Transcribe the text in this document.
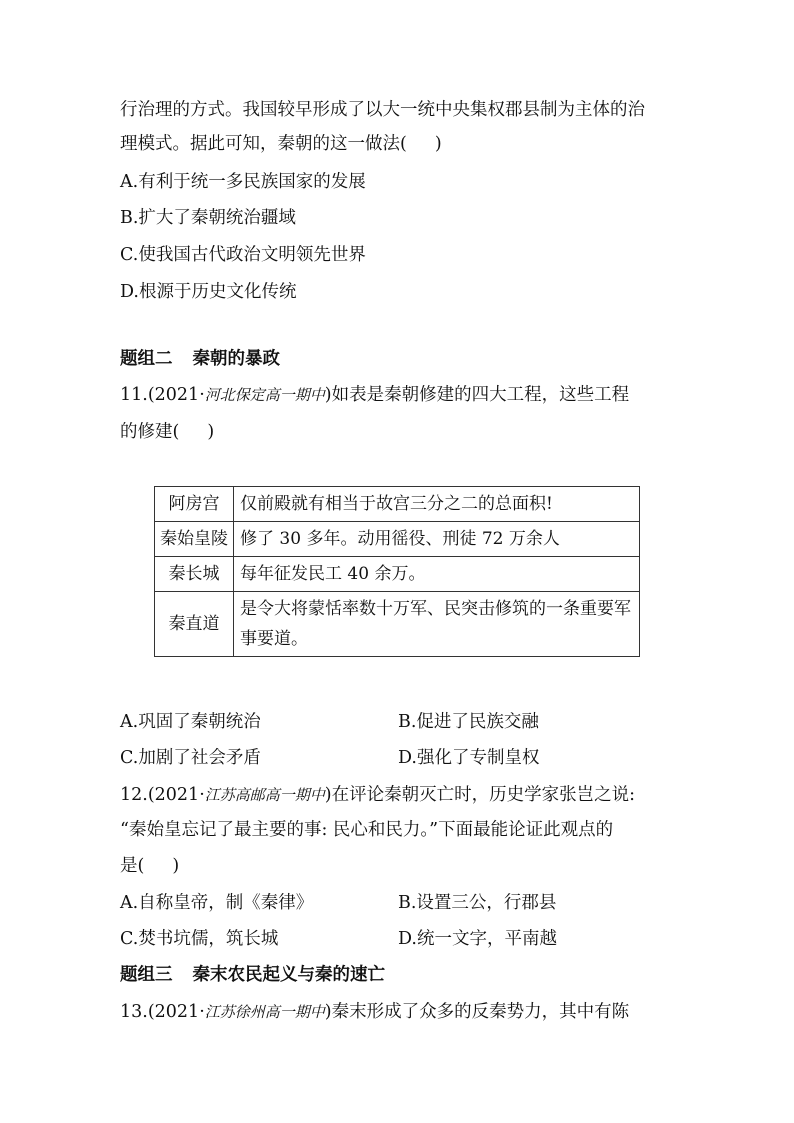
行治理的方式。我国较早形成了以大一统中央集权郡县制为主体的治
理模式。据此可知，秦朝的这一做法( )
A.有利于统一多民族国家的发展
B.扩大了秦朝统治疆域
C.使我国古代政治文明领先世界
D.根源于历史文化传统
题组二 秦朝的暴政
11.(2021·河北保定高一期中)如表是秦朝修建的四大工程，这些工程
的修建( )
阿房宫	仅前殿就有相当于故宫三分之二的总面积!
秦始皇陵	修了 30 多年。动用徭役、刑徒 72 万余人
秦长城	每年征发民工 40 余万。
秦直道	是令大将蒙恬率数十万军、民突击修筑的一条重要军事要道。
A.巩固了秦朝统治	B.促进了民族交融
C.加剧了社会矛盾	D.强化了专制皇权
12.(2021·江苏高邮高一期中)在评论秦朝灭亡时，历史学家张岂之说:
“秦始皇忘记了最主要的事: 民心和民力。”下面最能论证此观点的
是( )
A.自称皇帝，制《秦律》	B.设置三公，行郡县
C.焚书坑儒，筑长城	D.统一文字，平南越
题组三 秦末农民起义与秦的速亡
13.(2021·江苏徐州高一期中)秦末形成了众多的反秦势力，其中有陈
